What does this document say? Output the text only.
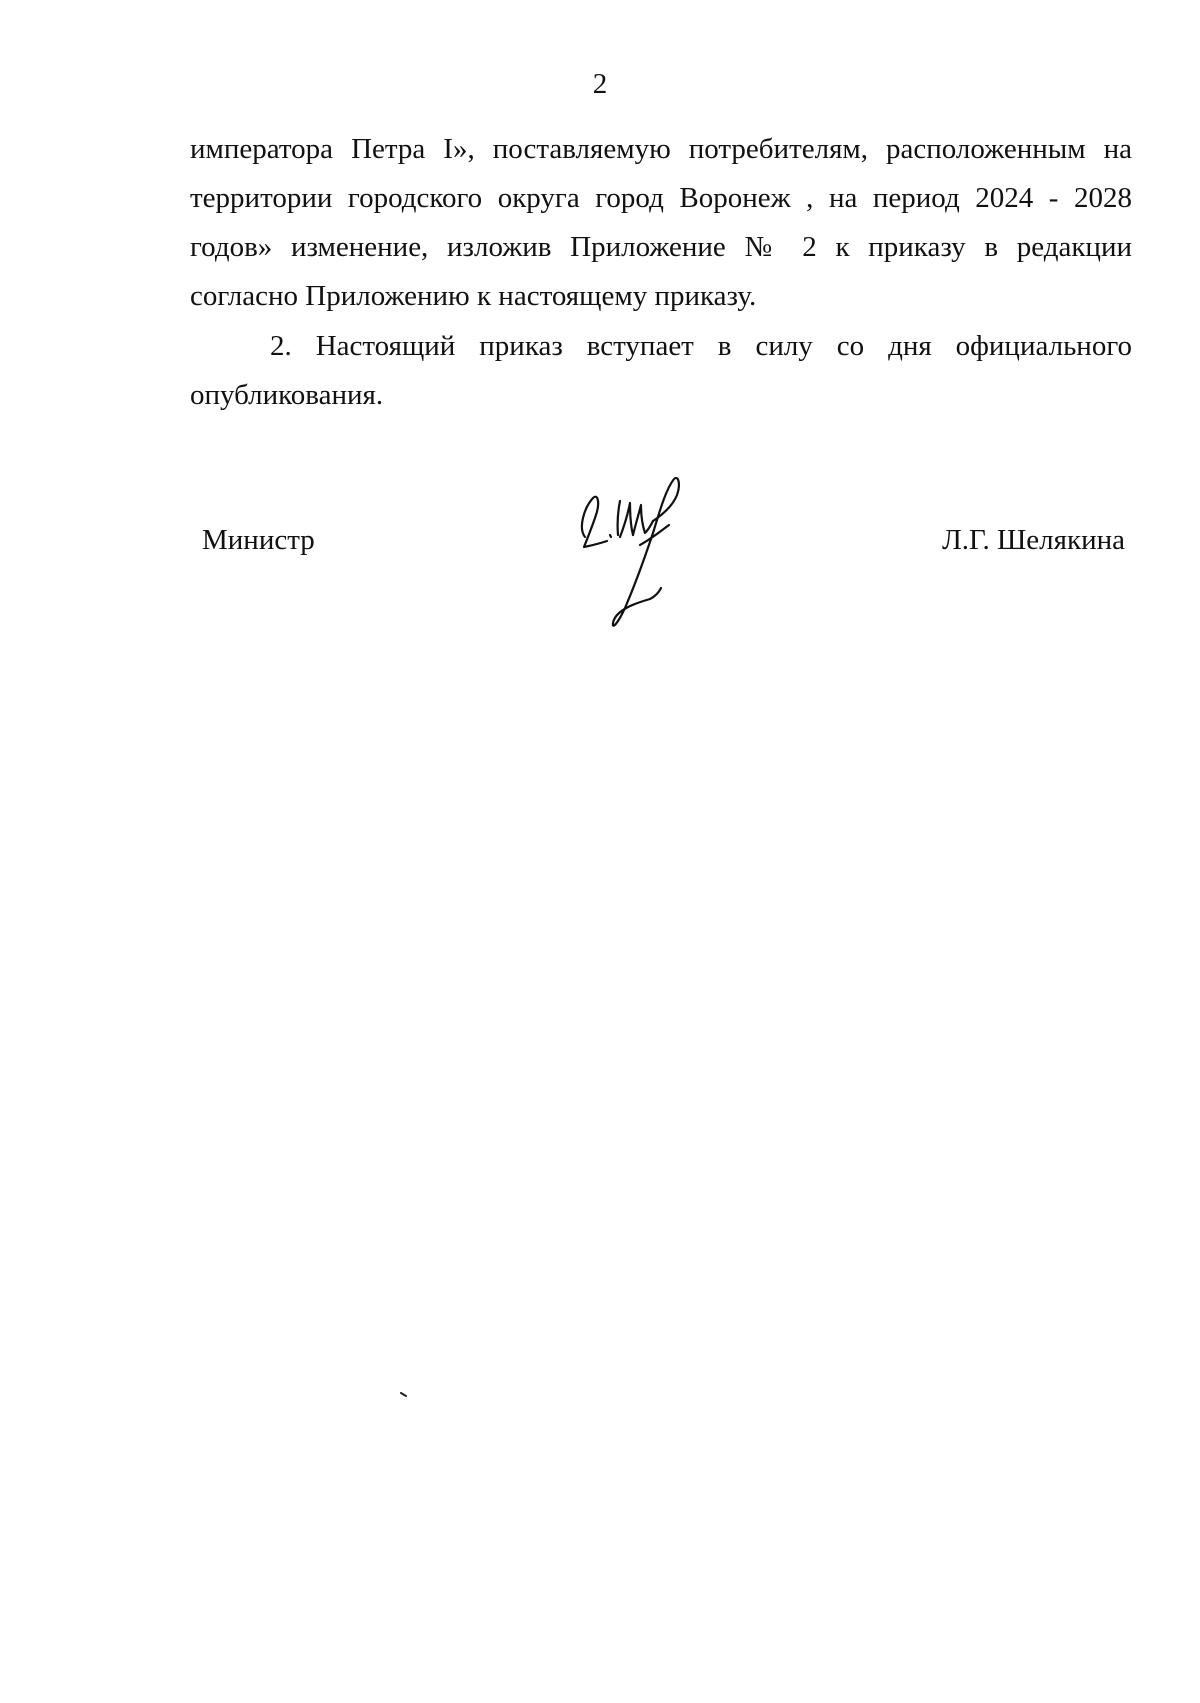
2

императора Петра I», поставляемую потребителям, расположенным на территории городского округа город Воронеж , на период 2024 - 2028 годов» изменение, изложив Приложение № 2 к приказу в редакции согласно Приложению к настоящему приказу.

2. Настоящий приказ вступает в силу со дня официального опубликования.

Министр	Л.Г. Шелякина
